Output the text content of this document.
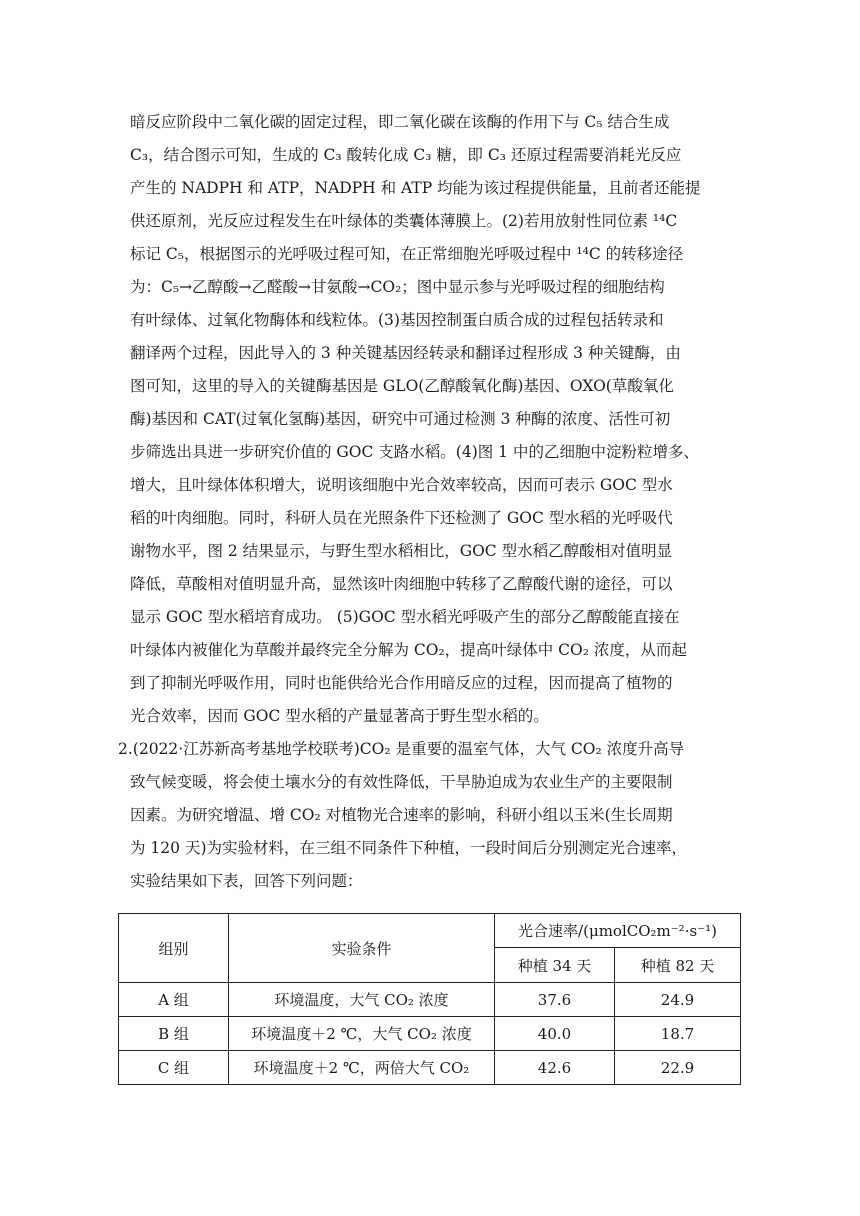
暗反应阶段中二氧化碳的固定过程，即二氧化碳在该酶的作用下与 C₅ 结合生成
C₃，结合图示可知，生成的 C₃ 酸转化成 C₃ 糖，即 C₃ 还原过程需要消耗光反应
产生的 NADPH 和 ATP，NADPH 和 ATP 均能为该过程提供能量，且前者还能提
供还原剂，光反应过程发生在叶绿体的类囊体薄膜上。(2)若用放射性同位素 ¹⁴C
标记 C₅，根据图示的光呼吸过程可知，在正常细胞光呼吸过程中 ¹⁴C 的转移途径
为：C₅→乙醇酸→乙醛酸→甘氨酸→CO₂；图中显示参与光呼吸过程的细胞结构
有叶绿体、过氧化物酶体和线粒体。(3)基因控制蛋白质合成的过程包括转录和
翻译两个过程，因此导入的 3 种关键基因经转录和翻译过程形成 3 种关键酶，由
图可知，这里的导入的关键酶基因是 GLO(乙醇酸氧化酶)基因、OXO(草酸氧化
酶)基因和 CAT(过氧化氢酶)基因，研究中可通过检测 3 种酶的浓度、活性可初
步筛选出具进一步研究价值的 GOC 支路水稻。(4)图 1 中的乙细胞中淀粉粒增多、
增大，且叶绿体体积增大，说明该细胞中光合效率较高，因而可表示 GOC 型水
稻的叶肉细胞。同时，科研人员在光照条件下还检测了 GOC 型水稻的光呼吸代
谢物水平，图 2 结果显示，与野生型水稻相比，GOC 型水稻乙醇酸相对值明显
降低，草酸相对值明显升高，显然该叶肉细胞中转移了乙醇酸代谢的途径，可以
显示 GOC 型水稻培育成功。 (5)GOC 型水稻光呼吸产生的部分乙醇酸能直接在
叶绿体内被催化为草酸并最终完全分解为 CO₂，提高叶绿体中 CO₂ 浓度，从而起
到了抑制光呼吸作用，同时也能供给光合作用暗反应的过程，因而提高了植物的
光合效率，因而 GOC 型水稻的产量显著高于野生型水稻的。
2.(2022·江苏新高考基地学校联考)CO₂ 是重要的温室气体，大气 CO₂ 浓度升高导
致气候变暖，将会使土壤水分的有效性降低，干旱胁迫成为农业生产的主要限制
因素。为研究增温、增 CO₂ 对植物光合速率的影响，科研小组以玉米(生长周期
为 120 天)为实验材料，在三组不同条件下种植，一段时间后分别测定光合速率，
实验结果如下表，回答下列问题：
组别	实验条件	光合速率/(μmolCO₂m⁻²·s⁻¹)	
		种植 34 天	种植 82 天
A 组	环境温度，大气 CO₂ 浓度	37.6	24.9
B 组	环境温度＋2 ℃，大气 CO₂ 浓度	40.0	18.7
C 组	环境温度＋2 ℃，两倍大气 CO₂	42.6	22.9
